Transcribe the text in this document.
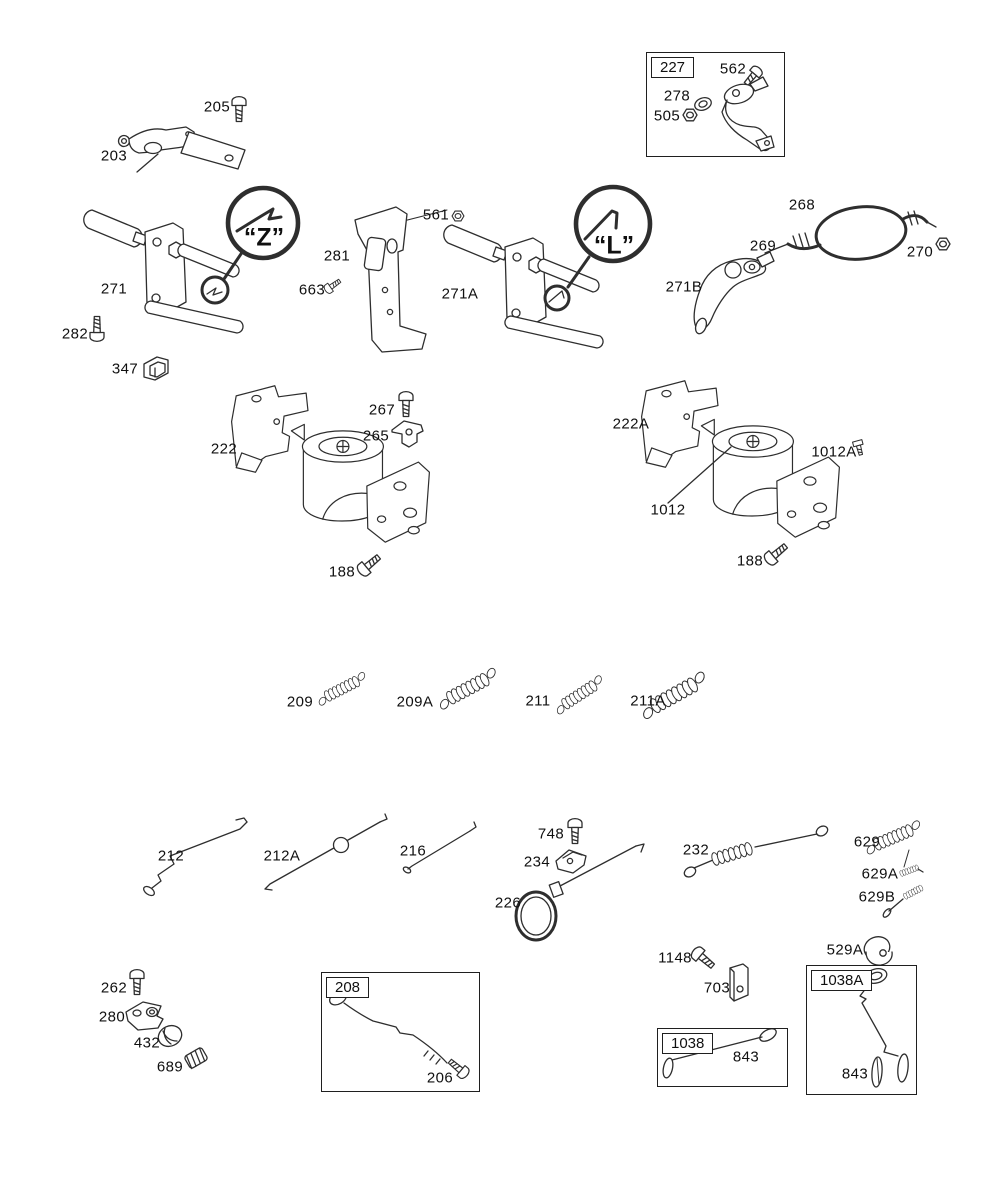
205
203
562
278
505
561
281
663
271
282
347
271A
268
269	270
271B
267
265
222
222A
1012A
1012
188
188
209	209A	211	211A
212	212A	216
748
234
226
232	629
629A
629B
1148
703
529A
262
280
432
689
206
843
843
“Z”	“L”
227
208
1038
1038A
